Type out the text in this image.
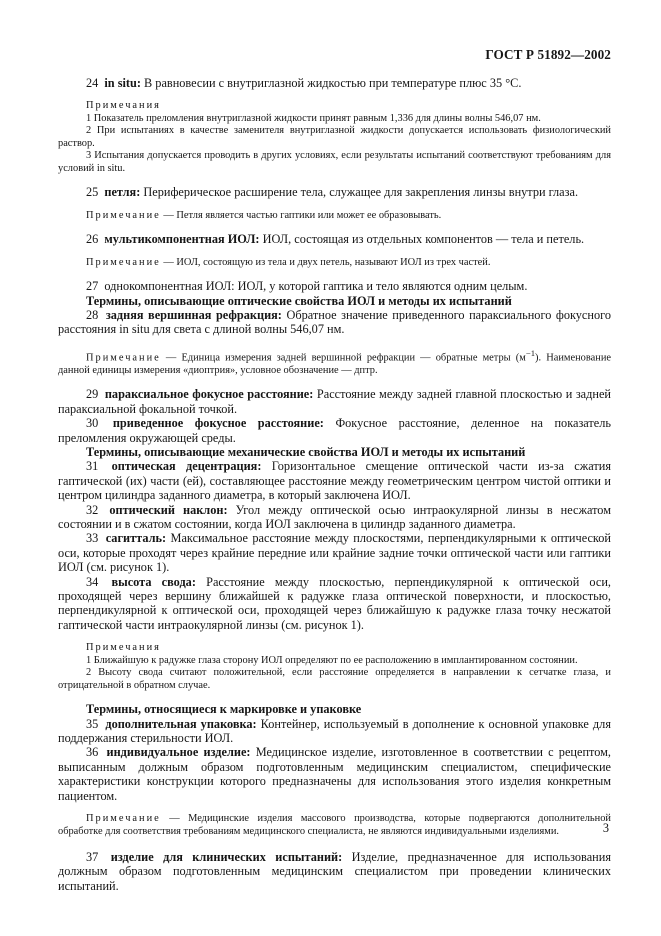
ГОСТ Р 51892—2002

24 in situ: В равновесии с внутриглазной жидкостью при температуре плюс 35 °С.

Примечания

1 Показатель преломления внутриглазной жидкости принят равным 1,336 для длины волны 546,07 нм.

2 При испытаниях в качестве заменителя внутриглазной жидкости допускается использовать физиологический раствор.

3 Испытания допускается проводить в других условиях, если результаты испытаний соответствуют требованиям для условий in situ.

25 петля: Периферическое расширение тела, служащее для закрепления линзы внутри глаза.

Примечание — Петля является частью гаптики или может ее образовывать.

26 мультикомпонентная ИОЛ: ИОЛ, состоящая из отдельных компонентов — тела и петель.

Примечание — ИОЛ, состоящую из тела и двух петель, называют ИОЛ из трех частей.

27 однокомпонентная ИОЛ: ИОЛ, у которой гаптика и тело являются одним целым.

Термины, описывающие оптические свойства ИОЛ и методы их испытаний

28 задняя вершинная рефракция: Обратное значение приведенного параксиального фокусного расстояния in situ для света с длиной волны 546,07 нм.

Примечание — Единица измерения задней вершинной рефракции — обратные метры $(м^{-1})$. Наименование данной единицы измерения «диоптрия», условное обозначение — дптр.

29 параксиальное фокусное расстояние: Расстояние между задней главной плоскостью и задней параксиальной фокальной точкой.

30 приведенное фокусное расстояние: Фокусное расстояние, деленное на показатель преломления окружающей среды.

Термины, описывающие механические свойства ИОЛ и методы их испытаний

31 оптическая децентрация: Горизонтальное смещение оптической части из-за сжатия гаптической (их) части (ей), составляющее расстояние между геометрическим центром чистой оптики и центром цилиндра заданного диаметра, в который заключена ИОЛ.

32 оптический наклон: Угол между оптической осью интраокулярной линзы в несжатом состоянии и в сжатом состоянии, когда ИОЛ заключена в цилиндр заданного диаметра.

33 сагитталь: Максимальное расстояние между плоскостями, перпендикулярными к оптической оси, которые проходят через крайние передние или крайние задние точки оптической части или гаптики ИОЛ (см. рисунок 1).

34 высота свода: Расстояние между плоскостью, перпендикулярной к оптической оси, проходящей через вершину ближайшей к радужке глаза оптической поверхности, и плоскостью, перпендикулярной к оптической оси, проходящей через ближайшую к радужке глаза точку несжатой гаптической части интраокулярной линзы (см. рисунок 1).

Примечания

1 Ближайшую к радужке глаза сторону ИОЛ определяют по ее расположению в имплантированном состоянии.

2 Высоту свода считают положительной, если расстояние определяется в направлении к сетчатке глаза, и отрицательной в обратном случае.

Термины, относящиеся к маркировке и упаковке

35 дополнительная упаковка: Контейнер, используемый в дополнение к основной упаковке для поддержания стерильности ИОЛ.

36 индивидуальное изделие: Медицинское изделие, изготовленное в соответствии с рецептом, выписанным должным образом подготовленным медицинским специалистом, специфические характеристики конструкции которого предназначены для использования этого изделия конкретным пациентом.

Примечание — Медицинские изделия массового производства, которые подвергаются дополнительной обработке для соответствия требованиям медицинского специалиста, не являются индивидуальными изделиями.

37 изделие для клинических испытаний: Изделие, предназначенное для использования должным образом подготовленным медицинским специалистом при проведении клинических испытаний.

3
